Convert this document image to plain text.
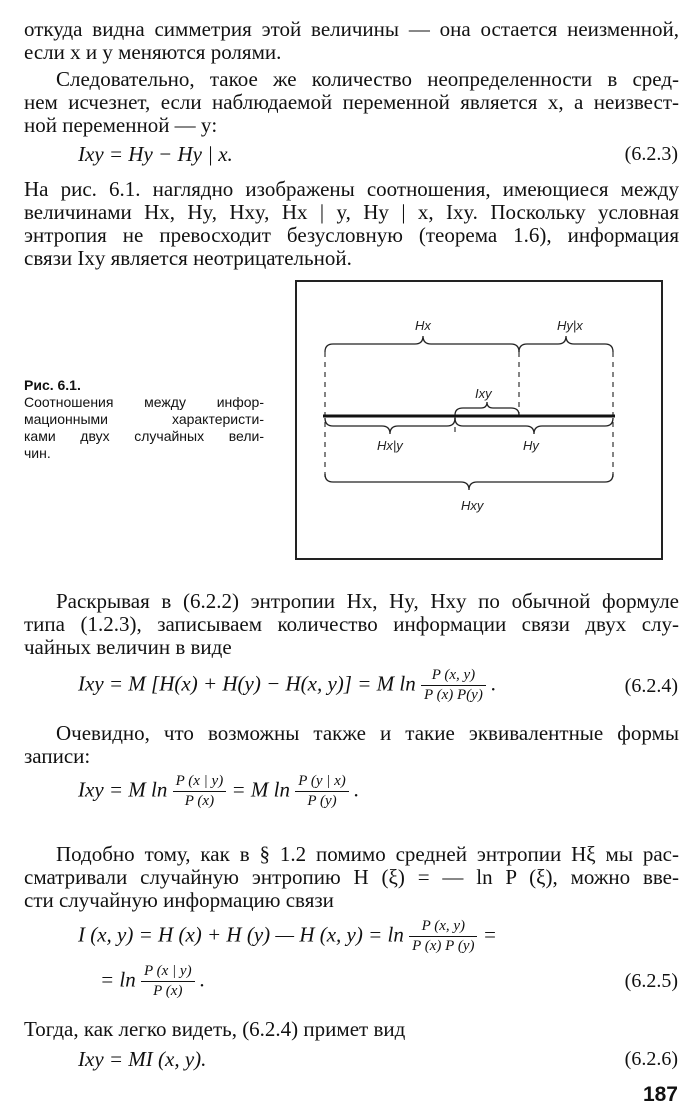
откуда видна симметрия этой величины — она остается неизменной,
если x и y меняются ролями.
Следовательно, такое же количество неопределенности в сред-
нем исчезнет, если наблюдаемой переменной является x, а неизвест-
ной переменной — y:
Ixy = Hy − Hy | x.	(6.2.3)
На рис. 6.1. наглядно изображены соотношения, имеющиеся между
величинами Hx, Hy, Hxy, Hx | y, Hy | x, Ixy. Поскольку условная
энтропия не превосходит безусловную (теорема 1.6), информация
связи Ixy является неотрицательной.
Рис. 6.1.
Соотношения между инфор-
мационными характеристи-
ками двух случайных вели-
чин.
Hx	Hy|x
Ixy
Hx|y	Hy
Hxy
Раскрывая в (6.2.2) энтропии Hx, Hy, Hxy по обычной формуле
типа (1.2.3), записываем количество информации связи двух слу-
чайных величин в виде
Ixy = M [H(x) + H(y) − H(x, y)] = M $\ln \frac{P (x, y)}{P (x) P(y)}$ .	(6.2.4)
Очевидно, что возможны также и такие эквивалентные формы
записи:
Ixy = M $\ln \frac{P (x | y)}{P (x)} = M$ $\ln \frac{P (y | x)}{P (y)}$ .
Подобно тому, как в § 1.2 помимо средней энтропии Hξ мы рас-
сматривали случайную энтропию H (ξ) = — ln P (ξ), можно вве-
сти случайную информацию связи
I (x, y) = H (x) + H (y) — H (x, $y) = \ln \frac{P (x, y)}{P (x) P (y)}$ =
= $\ln \frac{P (x | y)}{P (x)}$ .	(6.2.5)
Тогда, как легко видеть, (6.2.4) примет вид
Ixy = MI (x, y).	(6.2.6)
187
